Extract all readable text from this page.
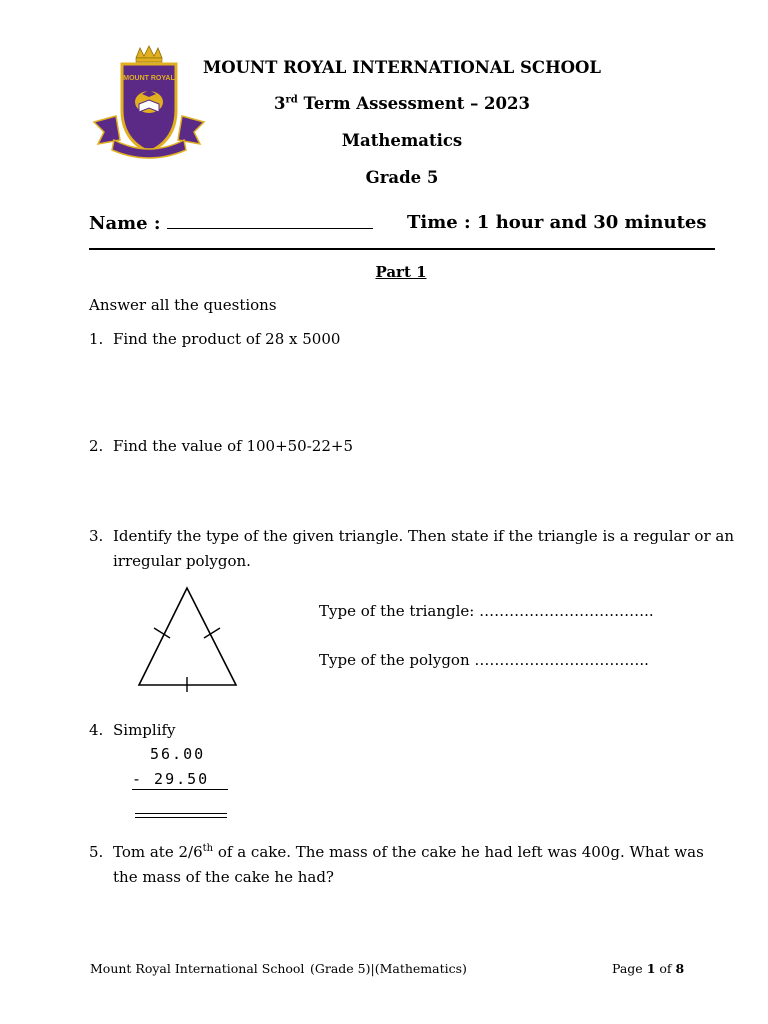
MOUNT ROYAL
MOUNT ROYAL INTERNATIONAL SCHOOL
3rd Term Assessment – 2023
Mathematics
Grade 5
Name :	Time : 1 hour and 30 minutes
Part 1
Answer all the questions
1. Find the product of 28 x 5000
2. Find the value of 100+50-22+5
3. Identify the type of the given triangle. Then state if the triangle is a regular or an
irregular polygon.
Type of the triangle: ……………………………..
Type of the polygon ……………………………..
4. Simplify
56.00
- 29.50
5. Tom ate 2/6th of a cake. The mass of the cake he had left was 400g. What was
the mass of the cake he had?
Mount Royal International School (Grade 5)|(Mathematics)	Page 1 of 8
